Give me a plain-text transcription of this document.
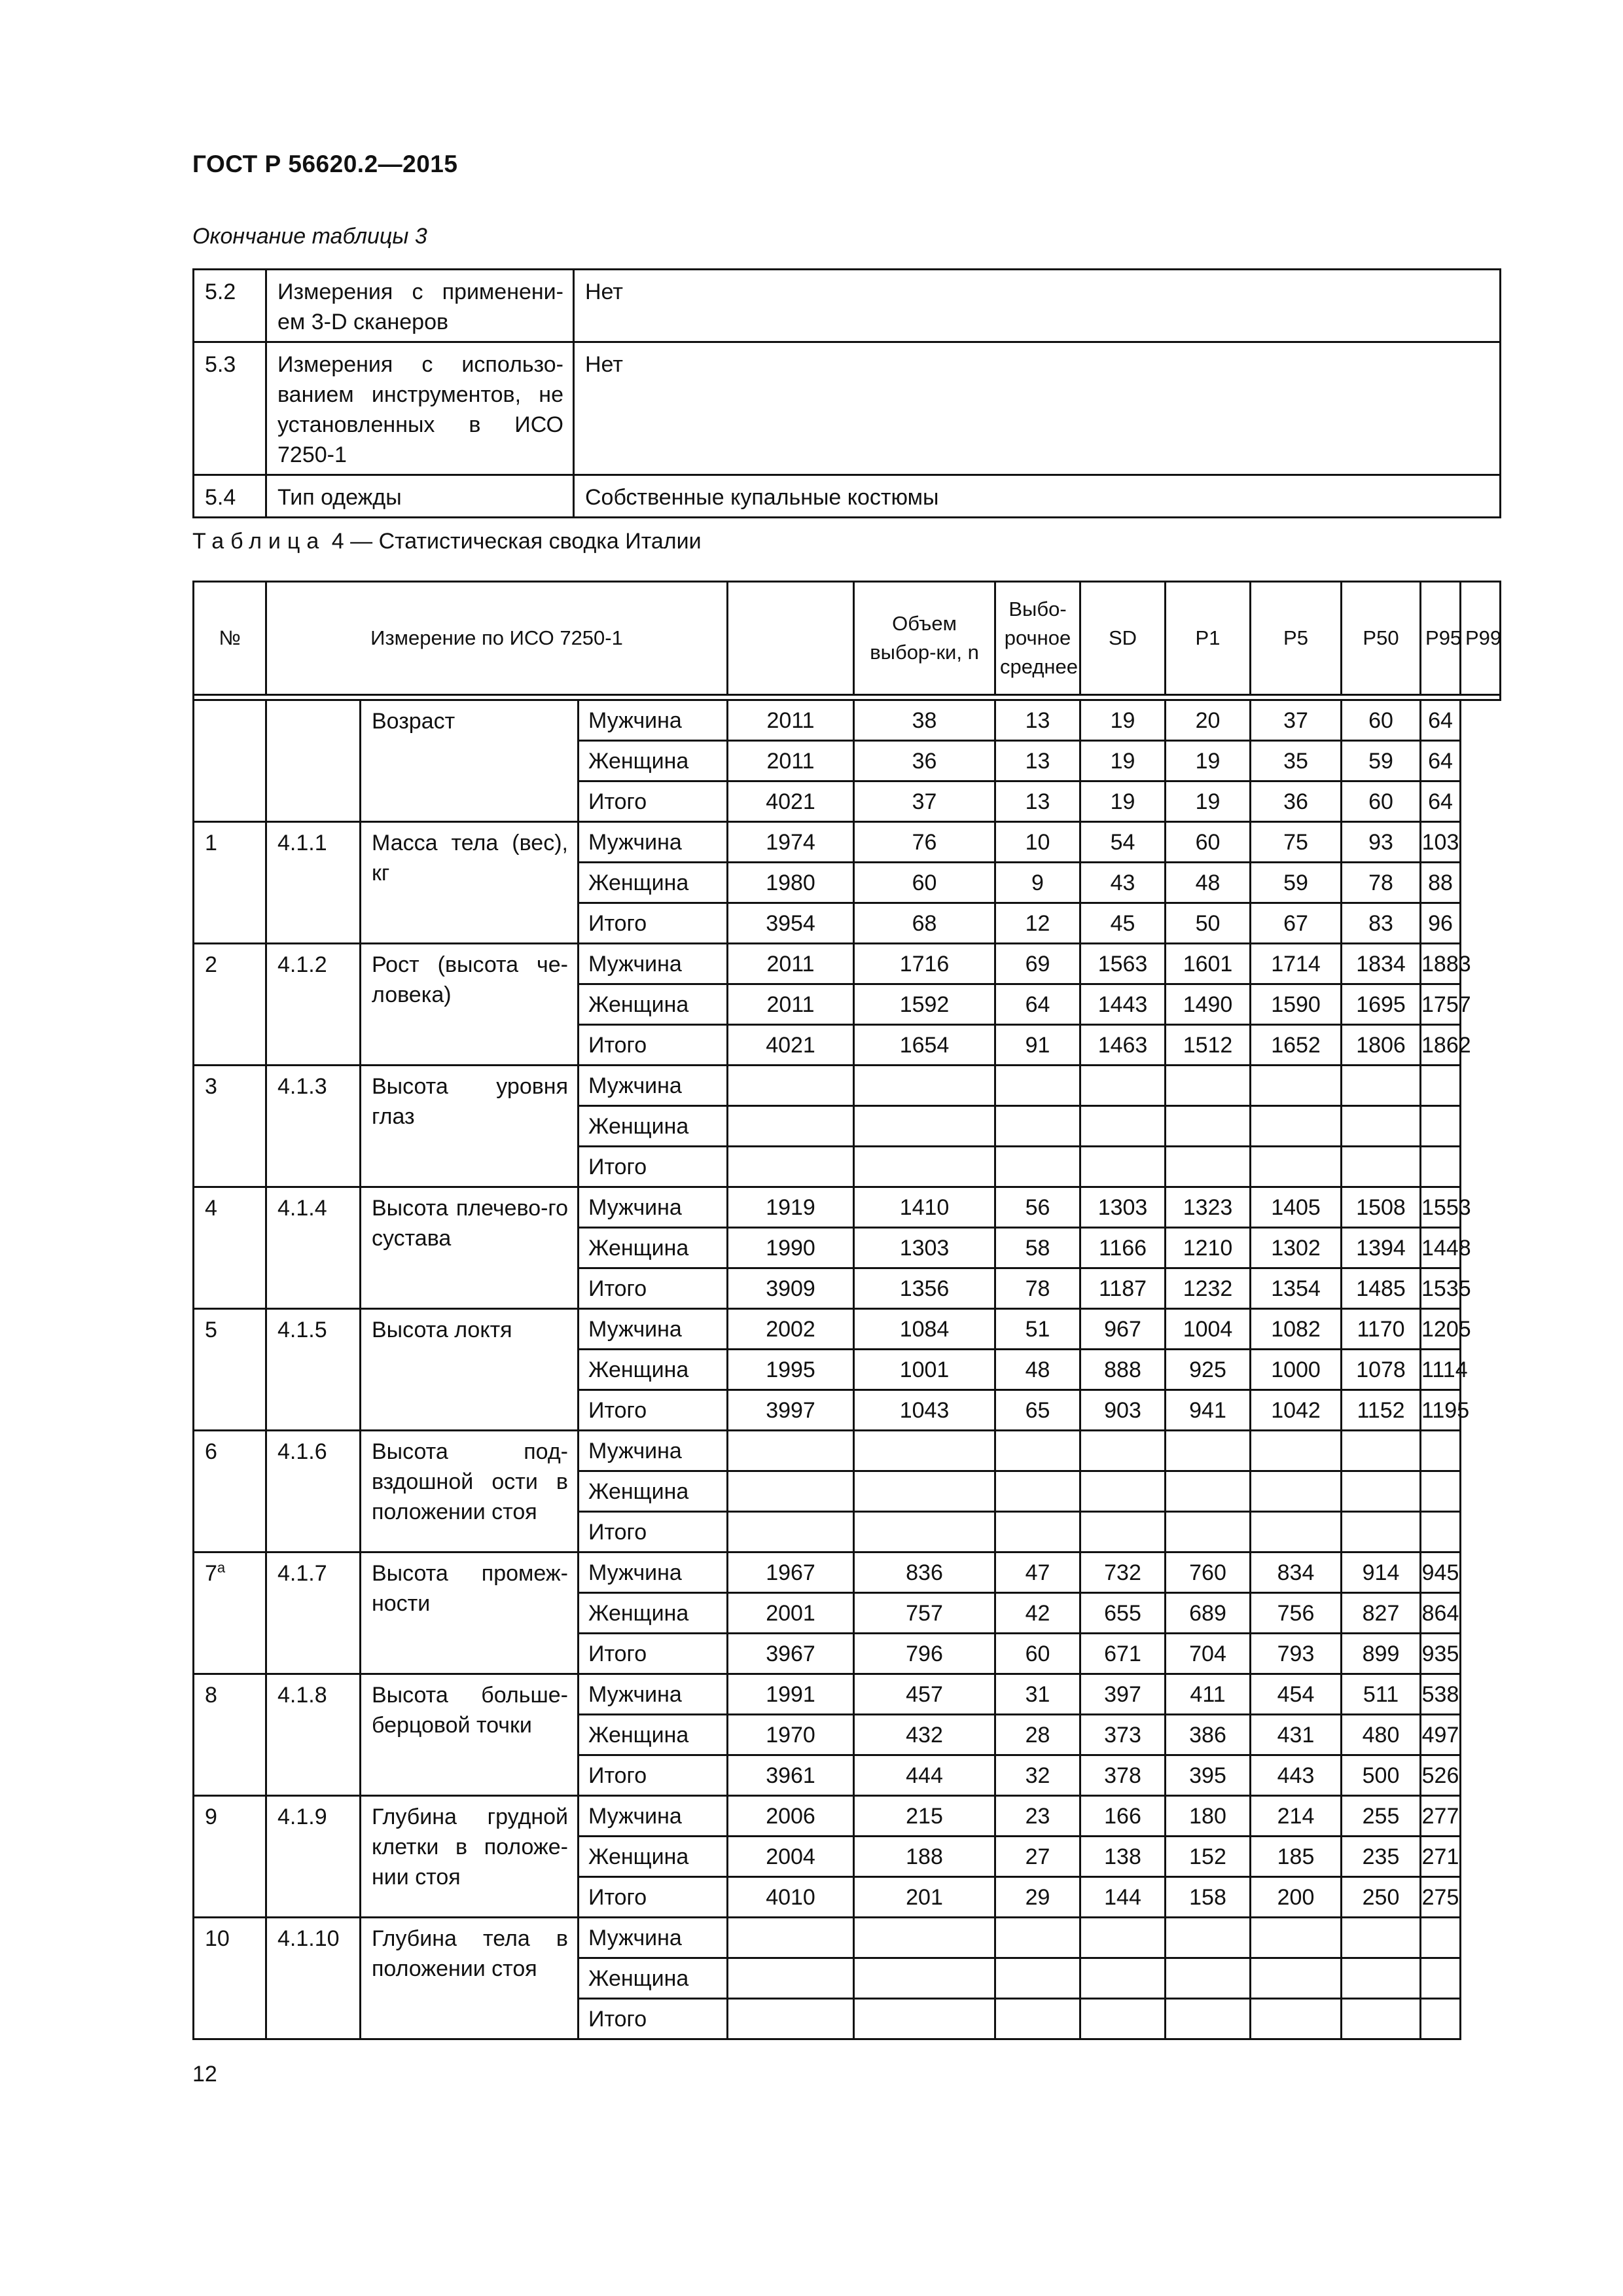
ГОСТ Р 56620.2—2015
Окончание таблицы 3
5.2	Измерения с применени-ем 3-D сканеров	Нет
5.3	Измерения с использо-ванием инструментов, не установленных в ИСО 7250-1	Нет
5.4	Тип одежды	Собственные купальные костюмы
Таблица 4 — Статистическая сводка Италии
№	Измерение по ИСО 7250-1				Объем выбор-ки, n	Выбо-рочное среднее	SD	P1	P5	P50	P95	P99

		Возраст	Мужчина	2011	38	13	19	20	37	60	64	
			Женщина	2011	36	13	19	19	35	59	64	
			Итого	4021	37	13	19	19	36	60	64	
1	4.1.1	Масса тела (вес), кг	Мужчина	1974	76	10	54	60	75	93	103	
			Женщина	1980	60	9	43	48	59	78	88	
			Итого	3954	68	12	45	50	67	83	96	
2	4.1.2	Рост (высота че-ловека)	Мужчина	2011	1716	69	1563	1601	1714	1834	1883	
			Женщина	2011	1592	64	1443	1490	1590	1695	1757	
			Итого	4021	1654	91	1463	1512	1652	1806	1862	
3	4.1.3	Высота уровня глаз	Мужчина									
			Женщина									
			Итого									
4	4.1.4	Высота плечево-го сустава	Мужчина	1919	1410	56	1303	1323	1405	1508	1553	
			Женщина	1990	1303	58	1166	1210	1302	1394	1448	
			Итого	3909	1356	78	1187	1232	1354	1485	1535	
5	4.1.5	Высота локтя	Мужчина	2002	1084	51	967	1004	1082	1170	1205	
			Женщина	1995	1001	48	888	925	1000	1078	1114	
			Итого	3997	1043	65	903	941	1042	1152	1195	
6	4.1.6	Высота под-вздошной ости в положении стоя	Мужчина									
			Женщина									
			Итого									
$7^а$	4.1.7	Высота промеж-ности	Мужчина	1967	836	47	732	760	834	914	945	
			Женщина	2001	757	42	655	689	756	827	864	
			Итого	3967	796	60	671	704	793	899	935	
8	4.1.8	Высота больше-берцовой точки	Мужчина	1991	457	31	397	411	454	511	538	
			Женщина	1970	432	28	373	386	431	480	497	
			Итого	3961	444	32	378	395	443	500	526	
9	4.1.9	Глубина грудной клетки в положе-нии стоя	Мужчина	2006	215	23	166	180	214	255	277	
			Женщина	2004	188	27	138	152	185	235	271	
			Итого	4010	201	29	144	158	200	250	275	
10	4.1.10	Глубина тела в положении стоя	Мужчина									
			Женщина									
			Итого									
12
